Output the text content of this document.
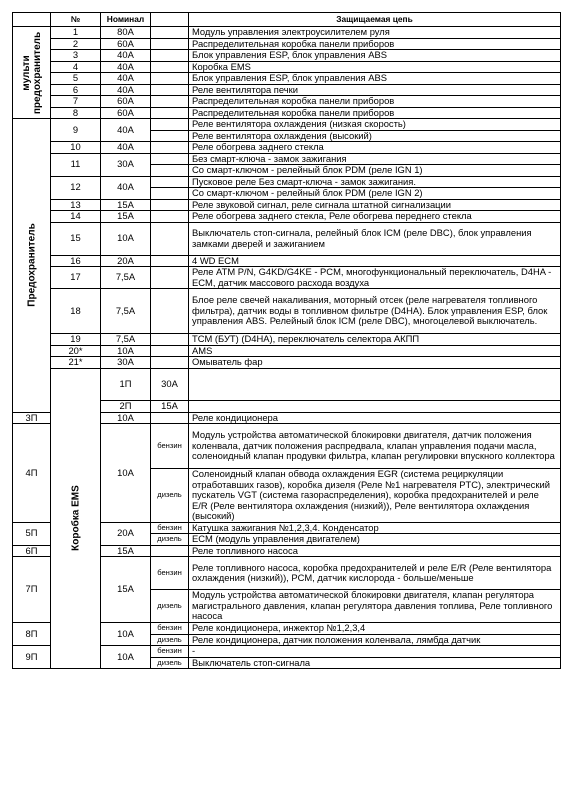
	№	Номинал		Защищаемая цепь	

мульти предохранитель	1	80A		Модуль управления электроусилителем руля	
	2	60A		Распределительная коробка панели приборов	
	3	40A		Блок управления ESP, блок управления ABS	
	4	40A		Коробка EMS	
	5	40A		Блок управления ESP, блок управления ABS	
	6	40A		Реле вентилятора печки	
	7	60A		Распределительная коробка панели приборов	
	8	60A		Распределительная коробка панели приборов	

Предохранитель	9	40A		Реле вентилятора охлаждения (низкая скорость)	
				Реле вентилятора охлаждения (высокий)	
	10	40A		Реле обогрева заднего стекла	
	11	30A		Без смарт-ключа - замок зажигания	
				Со смарт-ключом - релейный блок PDM (реле IGN 1)	
	12	40A		Пусковое реле Без смарт-ключа - замок зажигания.	
				Со смарт-ключом - релейный блок PDM (реле IGN 2)	
	13	15A		Реле звуковой сигнал, реле сигнала штатной сигнализации	
	14	15A		Реле обогрева заднего стекла, Реле обогрева переднего стекла	
	15	10A		Выключатель стоп-сигнала, релейный блок ICM (реле DBC), блок управления замками дверей и зажиганием	
	16	20A		4 WD ECM	
	17	7,5A		Реле ATM P/N, G4KD/G4KE - PCM, многофункциональный переключатель, D4HA - ECM, датчик массового расхода воздуха	
	18	7,5A		Блое реле свечей накаливания, моторный отсек (реле нагревателя топливного фильтра), датчик воды в топливном фильтре (D4HA). Блок управления ESP, блок управления ABS. Релейный блок ICM (реле DBC), многоцелевой выключатель.	
	19	7,5A		TCM (БУТ) (D4HA), переключатель селектора АКПП	
	20*	10A		AMS	
	21*	30A		Омыватель фар	

	Коробка EMS	1П	30A		
		2П	15A		
3П		10A		Реле кондиционера	
4П		10A	бензин	Модуль устройства автоматической блокировки двигателя, датчик положения коленвала, датчик положения распредвала, клапан управления подачи масла, соленоидный клапан продувки фильтра, клапан регулировки впускного коллектора	
			дизель	Соленоидный клапан обвода охлаждения EGR (система рециркуляции отработавших газов), коробка дизеля (Реле №1 нагревателя PTC), электрический пускатель VGT (система газораспределения), коробка предохранителей и реле E/R (Реле вентилятора охлаждения (низкий)), Реле вентилятора охлаждения (высокий)	
5П		20A	бензин	Катушка зажигания №1,2,3,4. Конденсатор	
			дизель	ECM (модуль управления двигателем)	
6П		15A		Реле топливного насоса	
7П		15A	бензин	Реле топливного насоса, коробка предохранителей и реле E/R (Реле вентилятора охлаждения (низкий)), PCM, датчик кислорода - больше/меньше	
			дизель	Модуль устройства автоматической блокировки двигателя, клапан регулятора магистрального давления, клапан регулятора давления топлива, Реле топливного насоса	
8П		10A	бензин	Реле кондиционера, инжектор №1,2,3,4	
			дизель	Реле кондиционера, датчик положения коленвала, лямбда датчик	
9П		10A	бензин	-	
			дизель	Выключатель стоп-сигнала	
